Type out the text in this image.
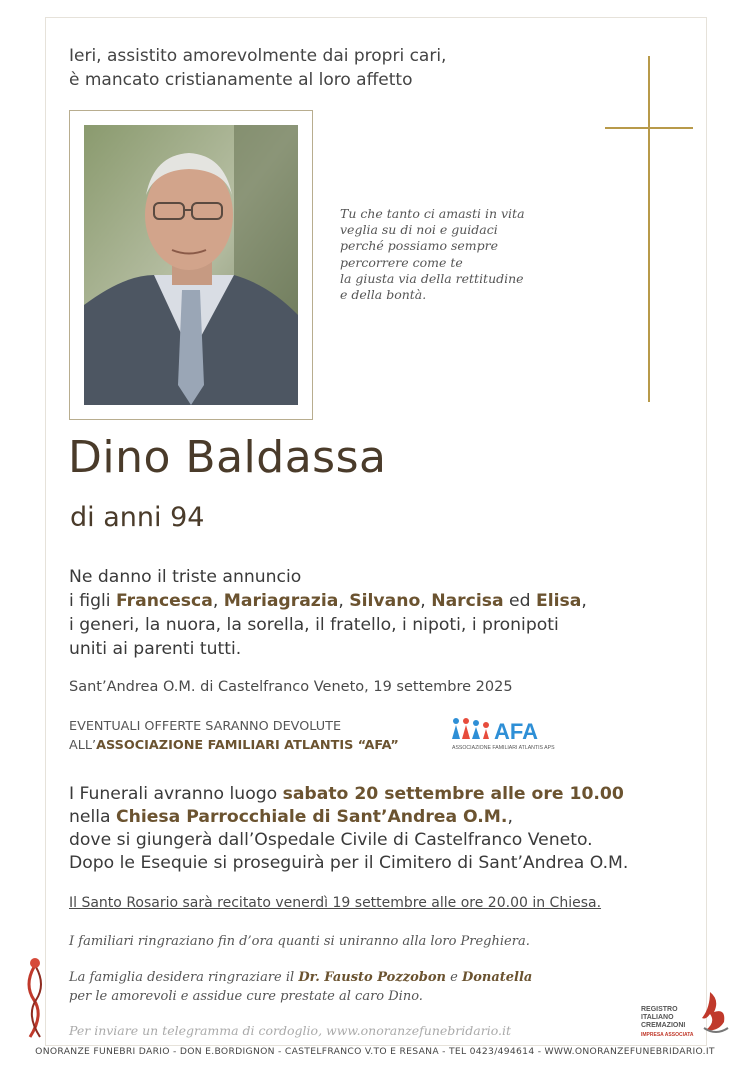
Ieri, assistito amorevolmente dai propri cari,
è mancato cristianamente al loro affetto
Tu che tanto ci amasti in vita
veglia su di noi e guidaci
perché possiamo sempre
percorrere come te
la giusta via della rettitudine
e della bontà.
Dino Baldassa
di anni 94
Ne danno il triste annuncio
i figli Francesca, Mariagrazia, Silvano, Narcisa ed Elisa,
i generi, la nuora, la sorella, il fratello, i nipoti, i pronipoti
uniti ai parenti tutti.
Sant’Andrea O.M. di Castelfranco Veneto, 19 settembre 2025
EVENTUALI OFFERTE SARANNO DEVOLUTE
ALL’ASSOCIAZIONE FAMILIARI ATLANTIS “AFA”
AFA
ASSOCIAZIONE FAMILIARI ATLANTIS APS
I Funerali avranno luogo sabato 20 settembre alle ore 10.00
nella Chiesa Parrocchiale di Sant’Andrea O.M.,
dove si giungerà dall’Ospedale Civile di Castelfranco Veneto.
Dopo le Esequie si proseguirà per il Cimitero di Sant’Andrea O.M.
Il Santo Rosario sarà recitato venerdì 19 settembre alle ore 20.00 in Chiesa.
I familiari ringraziano fin d’ora quanti si uniranno alla loro Preghiera.
La famiglia desidera ringraziare il Dr. Fausto Pozzobon e Donatella
per le amorevoli e assidue cure prestate al caro Dino.
Per inviare un telegramma di cordoglio, www.onoranzefunebridario.it
REGISTRO
ITALIANO
CREMAZIONI
IMPRESA ASSOCIATA
ONORANZE FUNEBRI DARIO - DON E.BORDIGNON - CASTELFRANCO V.TO E RESANA - TEL 0423/494614 - WWW.ONORANZEFUNEBRIDARIO.IT
